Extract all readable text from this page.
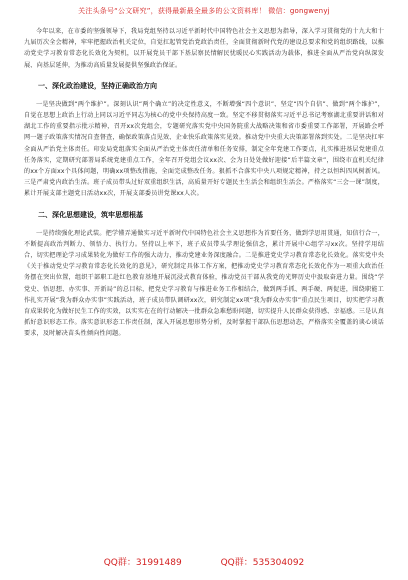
关注头条号“公文研究”，获得最新最全最多的公文资料库！ 微信：gongwenyj

今年以来，在市委的坚强领导下，我局党组坚持以习近平新时代中国特色社会主义思想为指导，深入学习贯彻党的十九大和十九届历次全会精神，牢牢把握政治机关定位，自觉扛起管党治党政治责任，全面贯彻新时代党的建设总要求和党的组织路线，以推动党史学习教育常态化长效化为契机，以开展党员干部下基层察民情解民忧暖民心实践活动为载体，推进全面从严治党向纵深发展、向基层延伸，为推动高质量发展提供坚强政治保证。

一、深化政治建设，坚持正确政治方向

一是坚决做到“两个维护”。深刻认识“两个确立”的决定性意义，不断增强“四个意识”、坚定“四个自信”、做到“两个维护”，自觉在思想上政治上行动上同以习近平同志为核心的党中央保持高度一致。坚定不移贯彻落实习近平总书记考察湖北重要讲话和对湖北工作的重要指示批示精神，召开xx次党组会，专题研究落实党中央国务院重大战略决策和省市委重要工作部署，开展路会呼网一题子政策落实情况自查督查，确保政策落点见效、企业快乐政策落实见效。推动党中央重大决策部署落到实处。二是坚决扛牢全面从严治党主体责任。印发局党组落实全面从严治党主体责任清单和任务安排，制定全年党建工作要点，扎实推进基层党建重点任务落实，定期研究部署局系统党建重点工作，全年召开党组会议xx次、会为日处处做好迎接“后半篇文章”，围绕市直机关纪律的xx个方面xx个具体问题，明确xx项整改措施，全面完成整改任务。狠抓不合落实中央八项规定精神，持之以恒纠四风树新风。三是严肃党内政治生活。班子成员带头过好双重组织生活，高质量开好专题民主生活会和组织生活会。严格落实“三会一课”制度，累计开展支部主题党日活动xx次，开展支部委员讲党课xx人次。

二、深化思想建设，筑牢思想根基

一是持续强化理论武装。把学懂弄通做实习近平新时代中国特色社会主义思想作为首要任务，做到学思用贯通，知信行合一，不断提高政治判断力、领悟力、执行力。坚持以上率下，班子成员带头学理论强信念，累计开展中心组学习xx次。坚持学用结合，切实把理论学习成果转化为做好工作的强大动力，推动党建业务深度融合。二是推进党史学习教育常态化长效化。落实党中央《关于推动党史学习教育常态化长效化的意见》，研究制定具体工作方案，把推动党史学习教育常态化长效化作为一项重大政治任务摆在突出位置，组织干部职工赴红色教育基地开展沉浸式教育体验，推动党员干部从我党的光辉历史中汲取奋进力量。围绕“学党史、悟思想、办实事、开新局”的总目标，把党史学习教育与推进业务工作相结合，做到两手抓、两手硬、两促进，围绕职能工作扎实开展“我为群众办实事”实践活动，班子成员带队调研xx次，研究制定xx项“我为群众办实事”重点民生项目，切实把学习教育成果转化为做好民生工作的实效，以实实在在的行动解决一批群众急难愁盼问题，切实提升人民群众获得感、幸福感。三是认真抓好意识形态工作。落实意识形态工作责任制，深入开展思想形势分析，及时掌握干部队伍思想动态，严格落实全覆盖的谈心谈话要求，及时解决苗头性倾向性问题。

QQ群：31991489	QQ群：535304092
